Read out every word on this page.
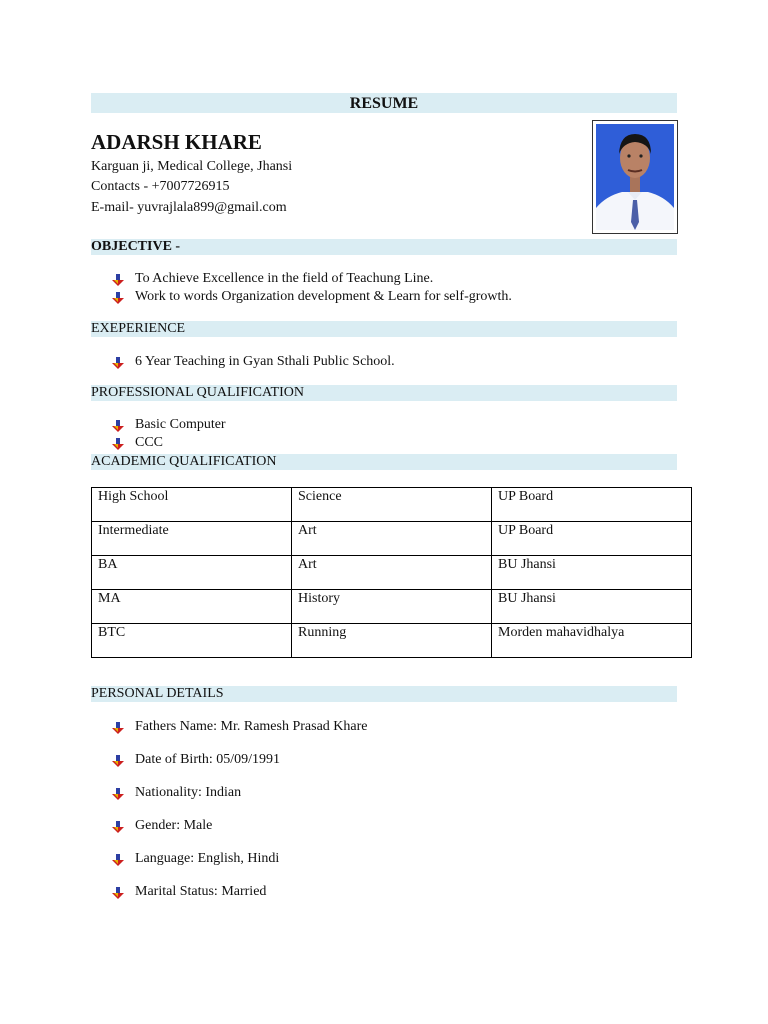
RESUME
ADARSH KHARE
Karguan ji, Medical College, Jhansi
Contacts - +7007726915
E-mail- yuvrajlala899@gmail.com
OBJECTIVE -
To Achieve Excellence in the field of Teachung Line.
Work to words Organization development & Learn for self-growth.
EXEPERIENCE
6 Year Teaching in Gyan Sthali Public School.
PROFESSIONAL QUALIFICATION
Basic Computer
CCC
ACADEMIC QUALIFICATION
High School	Science	UP Board
Intermediate	Art	UP Board
BA	Art	BU Jhansi
MA	History	BU Jhansi
BTC	Running	Morden mahavidhalya
PERSONAL DETAILS
Fathers Name: Mr. Ramesh Prasad Khare
Date of Birth: 05/09/1991
Nationality: Indian
Gender: Male
Language: English, Hindi
Marital Status: Married
